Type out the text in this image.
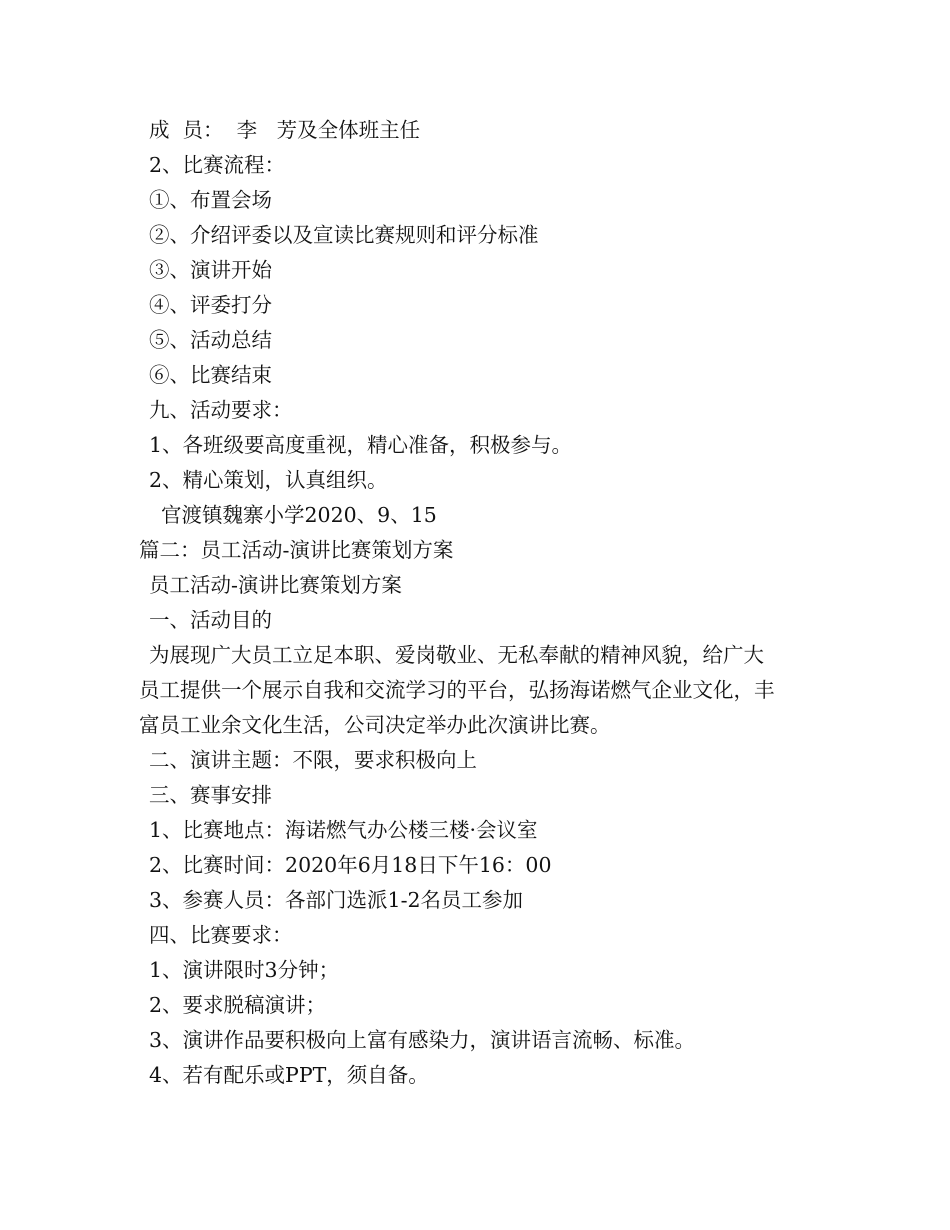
成  员：  李   芳及全体班主任
2、比赛流程：
①、布置会场
②、介绍评委以及宣读比赛规则和评分标准
③、演讲开始
④、评委打分
⑤、活动总结
⑥、比赛结束
九、活动要求：
1、各班级要高度重视，精心准备，积极参与。
2、精心策划，认真组织。
官渡镇魏寨小学2020、9、15
篇二：员工活动-演讲比赛策划方案
员工活动-演讲比赛策划方案
一、活动目的
为展现广大员工立足本职、爱岗敬业、无私奉献的精神风貌，给广大
员工提供一个展示自我和交流学习的平台，弘扬海诺燃气企业文化，丰
富员工业余文化生活，公司决定举办此次演讲比赛。
二、演讲主题：不限，要求积极向上
三、赛事安排
1、比赛地点：海诺燃气办公楼三楼·会议室
2、比赛时间：2020年6月18日下午16：00
3、参赛人员：各部门选派1-2名员工参加
四、比赛要求：
1、演讲限时3分钟；
2、要求脱稿演讲；
3、演讲作品要积极向上富有感染力，演讲语言流畅、标准。
4、若有配乐或PPT，须自备。
